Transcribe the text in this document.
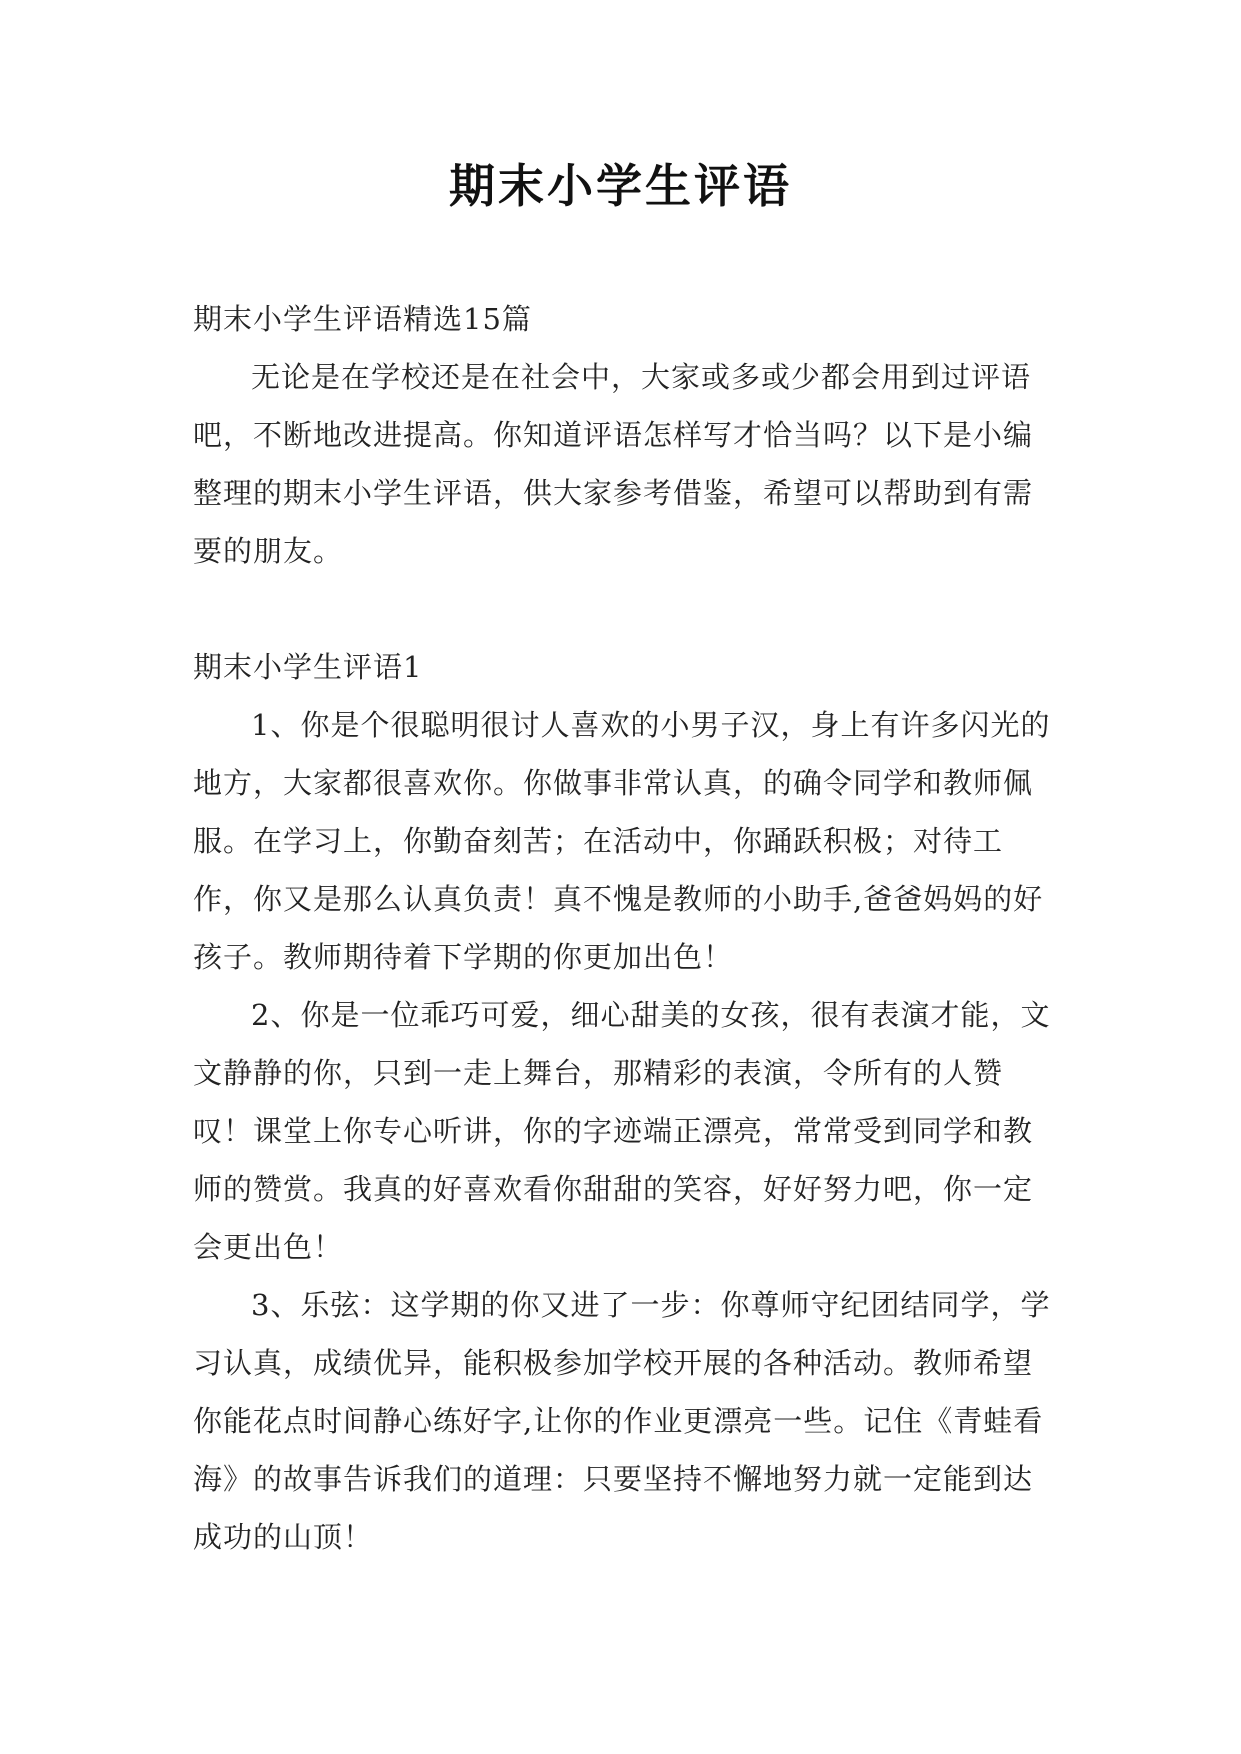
期末小学生评语

期末小学生评语精选15篇

无论是在学校还是在社会中，大家或多或少都会用到过评语吧，不断地改进提高。你知道评语怎样写才恰当吗？以下是小编整理的期末小学生评语，供大家参考借鉴，希望可以帮助到有需要的朋友。

期末小学生评语1

1、你是个很聪明很讨人喜欢的小男子汉，身上有许多闪光的地方，大家都很喜欢你。你做事非常认真，的确令同学和教师佩服。在学习上，你勤奋刻苦；在活动中，你踊跃积极；对待工作，你又是那么认真负责！真不愧是教师的小助手,爸爸妈妈的好孩子。教师期待着下学期的你更加出色！

2、你是一位乖巧可爱，细心甜美的女孩，很有表演才能，文文静静的你，只到一走上舞台，那精彩的表演，令所有的人赞叹！课堂上你专心听讲，你的字迹端正漂亮，常常受到同学和教师的赞赏。我真的好喜欢看你甜甜的笑容，好好努力吧，你一定会更出色！

3、乐弦：这学期的你又进了一步：你尊师守纪团结同学，学习认真，成绩优异，能积极参加学校开展的各种活动。教师希望你能花点时间静心练好字,让你的作业更漂亮一些。记住《青蛙看海》的故事告诉我们的道理：只要坚持不懈地努力就一定能到达成功的山顶！
